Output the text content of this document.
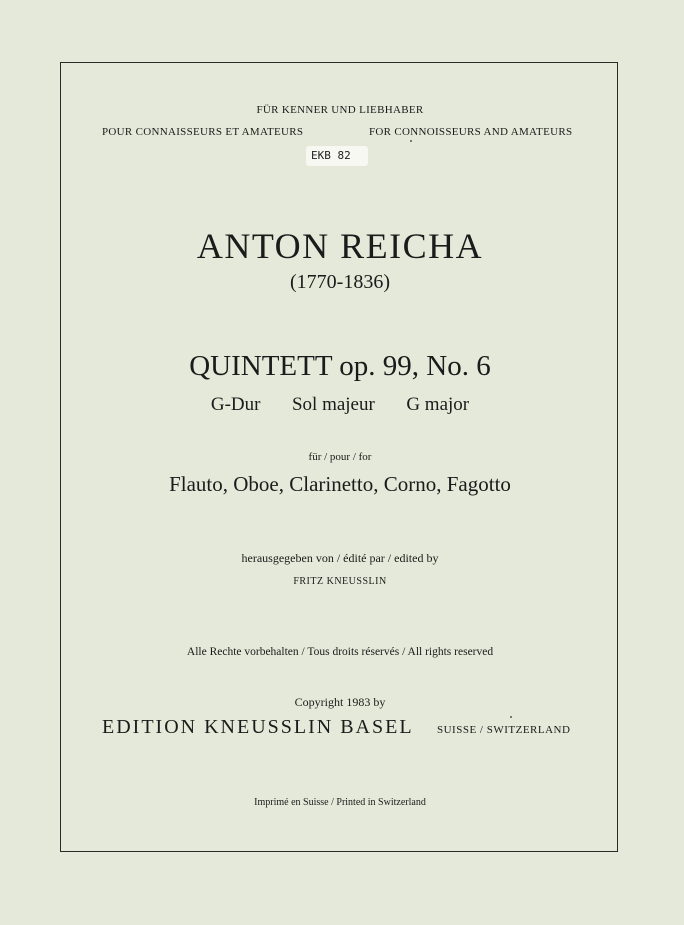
FÜR KENNER UND LIEBHABER
POUR CONNAISSEURS ET AMATEURS	FOR CONNOISSEURS AND AMATEURS
EKB 82
ANTON REICHA
(1770-1836)
QUINTETT op. 99, No. 6
G-Dur Sol majeur G major
für / pour / for
Flauto, Oboe, Clarinetto, Corno, Fagotto
herausgegeben von / édité par / edited by
FRITZ KNEUSSLIN
Alle Rechte vorbehalten / Tous droits réservés / All rights reserved
Copyright 1983 by
EDITION KNEUSSLIN BASEL SUISSE / SWITZERLAND
Imprimé en Suisse / Printed in Switzerland
